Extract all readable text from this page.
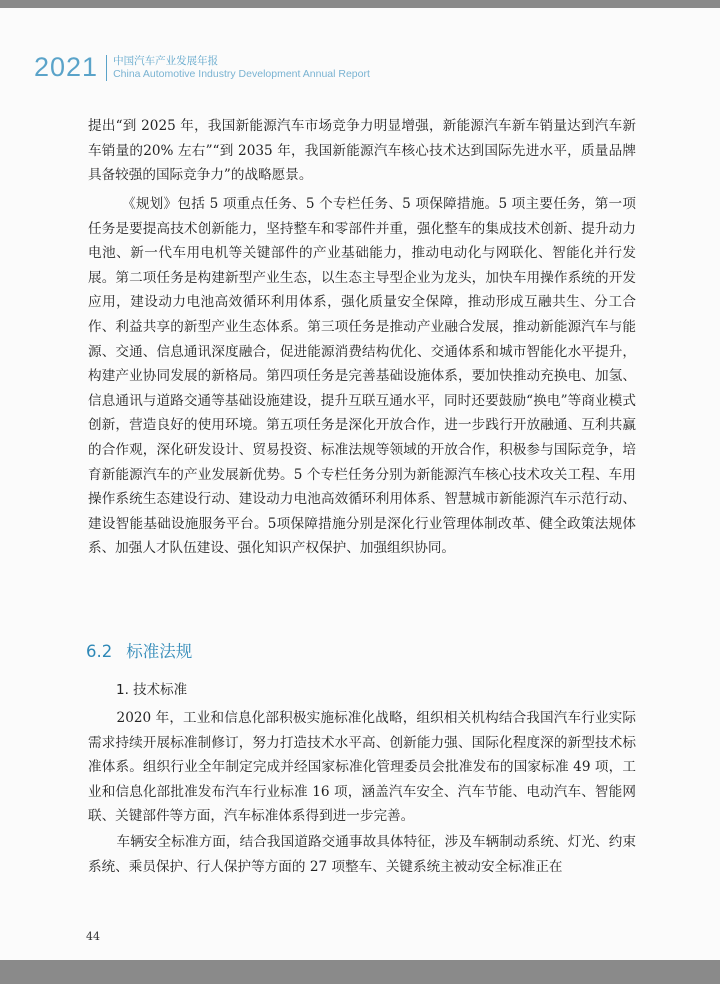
2021 中国汽车产业发展年报
China Automotive Industry Development Annual Report

提出“到 2025 年，我国新能源汽车市场竞争力明显增强，新能源汽车新车销量达到汽车新车销量的20% 左右”“到 2035 年，我国新能源汽车核心技术达到国际先进水平，质量品牌具备较强的国际竞争力”的战略愿景。

《规划》包括 5 项重点任务、5 个专栏任务、5 项保障措施。5 项主要任务，第一项任务是要提高技术创新能力，坚持整车和零部件并重，强化整车的集成技术创新、提升动力电池、新一代车用电机等关键部件的产业基础能力，推动电动化与网联化、智能化并行发展。第二项任务是构建新型产业生态，以生态主导型企业为龙头，加快车用操作系统的开发应用，建设动力电池高效循环利用体系，强化质量安全保障，推动形成互融共生、分工合作、利益共享的新型产业生态体系。第三项任务是推动产业融合发展，推动新能源汽车与能源、交通、信息通讯深度融合，促进能源消费结构优化、交通体系和城市智能化水平提升，构建产业协同发展的新格局。第四项任务是完善基础设施体系，要加快推动充换电、加氢、信息通讯与道路交通等基础设施建设，提升互联互通水平，同时还要鼓励“换电”等商业模式创新，营造良好的使用环境。第五项任务是深化开放合作，进一步践行开放融通、互利共赢的合作观，深化研发设计、贸易投资、标准法规等领域的开放合作，积极参与国际竞争，培育新能源汽车的产业发展新优势。5 个专栏任务分别为新能源汽车核心技术攻关工程、车用操作系统生态建设行动、建设动力电池高效循环利用体系、智慧城市新能源汽车示范行动、建设智能基础设施服务平台。5项保障措施分别是深化行业管理体制改革、健全政策法规体系、加强人才队伍建设、强化知识产权保护、加强组织协同。

6.2 标准法规
1. 技术标准

2020 年，工业和信息化部积极实施标准化战略，组织相关机构结合我国汽车行业实际需求持续开展标准制修订，努力打造技术水平高、创新能力强、国际化程度深的新型技术标准体系。组织行业全年制定完成并经国家标准化管理委员会批准发布的国家标准 49 项，工业和信息化部批准发布汽车行业标准 16 项，涵盖汽车安全、汽车节能、电动汽车、智能网联、关键部件等方面，汽车标准体系得到进一步完善。

车辆安全标准方面，结合我国道路交通事故具体特征，涉及车辆制动系统、灯光、约束系统、乘员保护、行人保护等方面的 27 项整车、关键系统主被动安全标准正在

44
